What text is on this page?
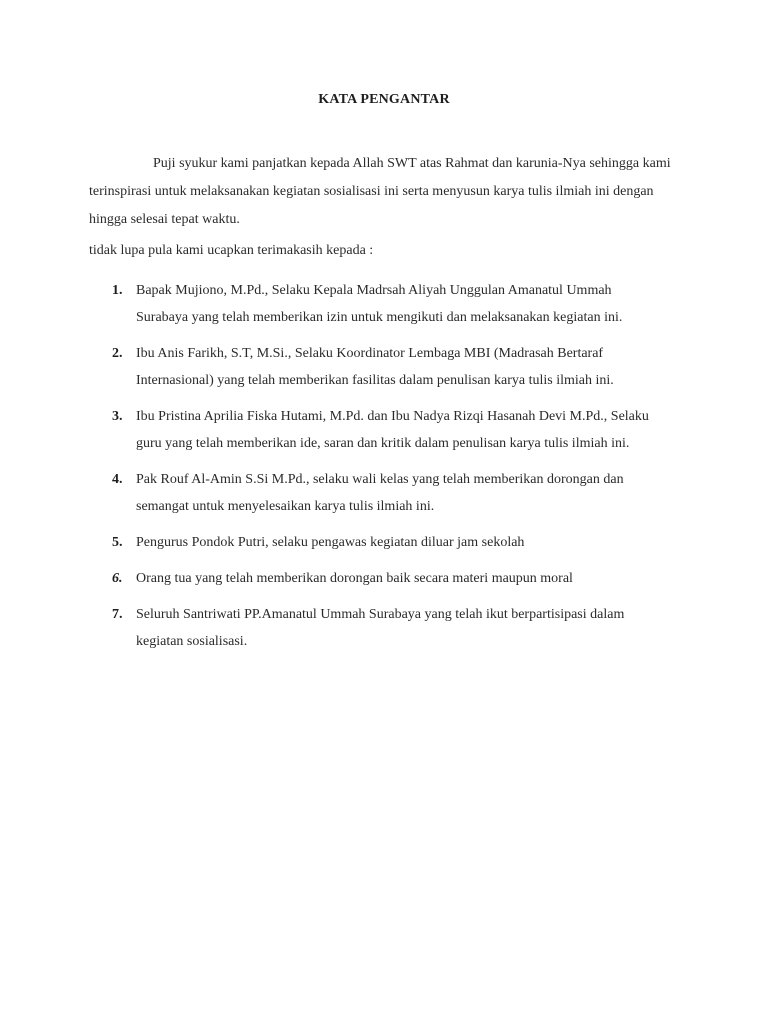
KATA PENGANTAR

Puji syukur kami panjatkan kepada Allah SWT atas Rahmat dan karunia-Nya sehingga kami terinspirasi untuk melaksanakan kegiatan sosialisasi ini serta menyusun karya tulis ilmiah ini dengan hingga selesai tepat waktu.

tidak lupa pula kami ucapkan terimakasih kepada :

1. Bapak Mujiono, M.Pd., Selaku Kepala Madrsah Aliyah Unggulan Amanatul Ummah Surabaya yang telah memberikan izin untuk mengikuti dan melaksanakan kegiatan ini.
2. Ibu Anis Farikh, S.T, M.Si., Selaku Koordinator Lembaga MBI (Madrasah Bertaraf Internasional) yang telah memberikan fasilitas dalam penulisan karya tulis ilmiah ini.
3. Ibu Pristina Aprilia Fiska Hutami, M.Pd. dan Ibu Nadya Rizqi Hasanah Devi M.Pd., Selaku guru yang telah memberikan ide, saran dan kritik dalam penulisan karya tulis ilmiah ini.
4. Pak Rouf Al-Amin S.Si M.Pd., selaku wali kelas yang telah memberikan dorongan dan semangat untuk menyelesaikan karya tulis ilmiah ini.
5. Pengurus Pondok Putri, selaku pengawas kegiatan diluar jam sekolah
6. Orang tua yang telah memberikan dorongan baik secara materi maupun moral
7. Seluruh Santriwati PP.Amanatul Ummah Surabaya yang telah ikut berpartisipasi dalam kegiatan sosialisasi.
